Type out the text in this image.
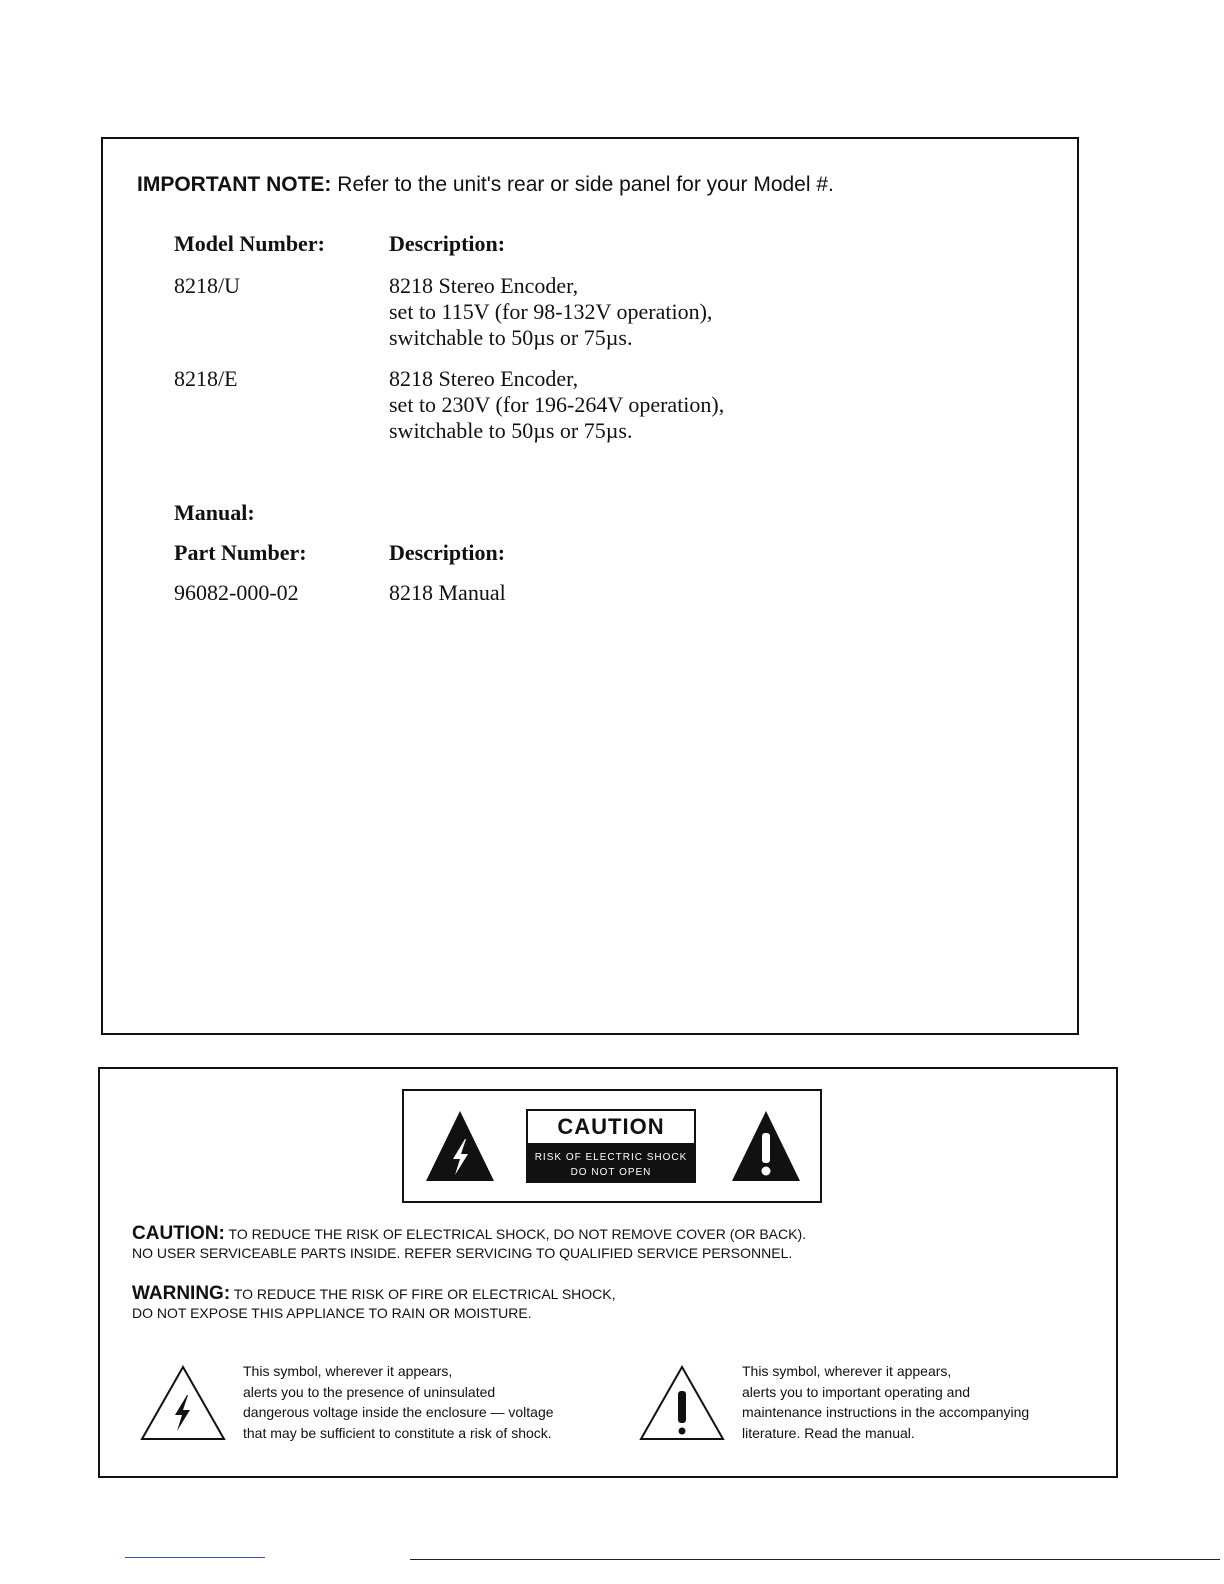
IMPORTANT NOTE: Refer to the unit's rear or side panel for your Model #.
Model Number:	Description:
8218/U	8218 Stereo Encoder,
set to 115V (for 98-132V operation),
switchable to 50µs or 75µs.
8218/E	8218 Stereo Encoder,
set to 230V (for 196-264V operation),
switchable to 50µs or 75µs.
Manual:
Part Number:	Description:
96082-000-02	8218 Manual
CAUTION
RISK OF ELECTRIC SHOCK
DO NOT OPEN
CAUTION: TO REDUCE THE RISK OF ELECTRICAL SHOCK, DO NOT REMOVE COVER (OR BACK).
NO USER SERVICEABLE PARTS INSIDE. REFER SERVICING TO QUALIFIED SERVICE PERSONNEL.
WARNING: TO REDUCE THE RISK OF FIRE OR ELECTRICAL SHOCK,
DO NOT EXPOSE THIS APPLIANCE TO RAIN OR MOISTURE.
This symbol, wherever it appears,
alerts you to the presence of uninsulated
dangerous voltage inside the enclosure — voltage
that may be sufficient to constitute a risk of shock.
This symbol, wherever it appears,
alerts you to important operating and
maintenance instructions in the accompanying
literature. Read the manual.
